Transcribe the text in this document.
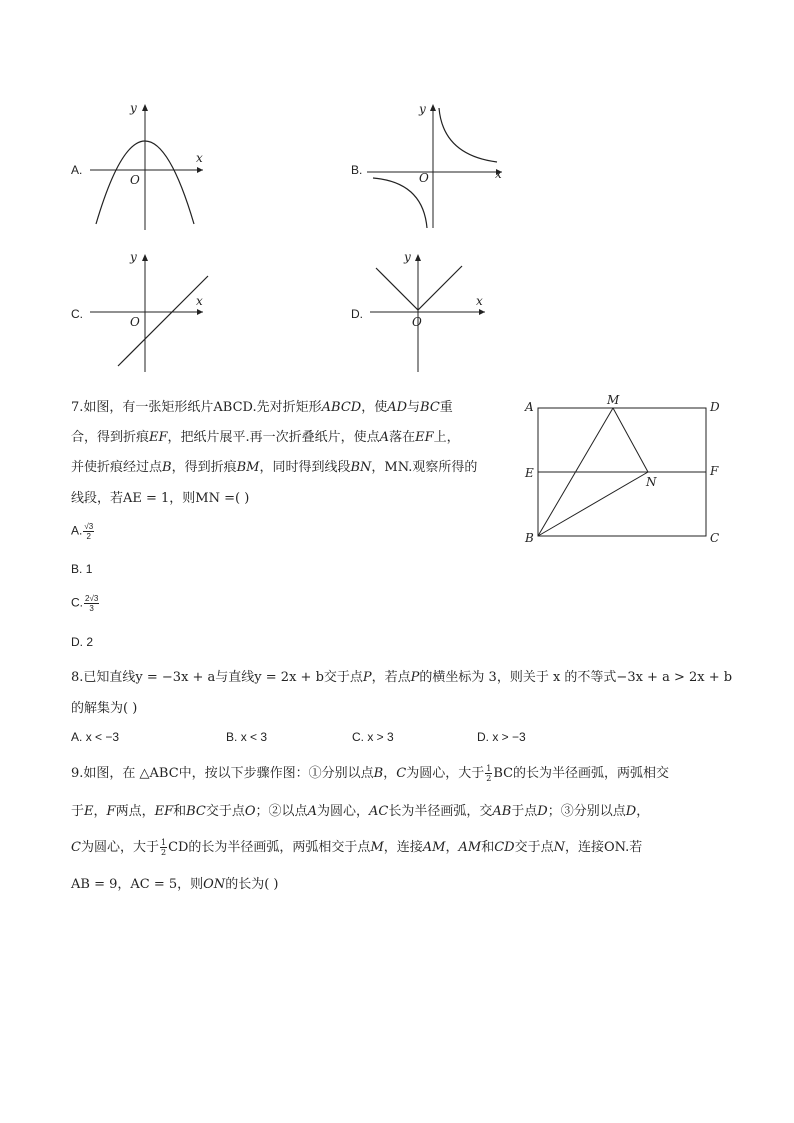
A.
x
y
O
B.	x
y
O
C.
x
y
O
D.
x
y
O
7.如图，有一张矩形纸片ABCD.先对折矩形ABCD，使AD与BC重
合，得到折痕EF，把纸片展平.再一次折叠纸片，使点A落在EF上，
并使折痕经过点B，得到折痕BM，同时得到线段BN，MN.观察所得的
线段，若AE = 1，则MN =( )
A. $\frac{√3}{2}$
B. 1
C. $\frac{2√3}{3}$
D. 2
A	M	D
E	F
N
B	C
8.已知直线y = −3x + a与直线y = 2x + b交于点P，若点P的横坐标为 3，则关于 x 的不等式−3x + a > 2x + b
的解集为( )
A. x < −3	B. x < 3	C. x > 3	D. x > −3
9.如图，在 △ABC中，按以下步骤作图：①分别以点B，C为圆心，大于 $\frac{1}{2}$ BC的长为半径画弧，两弧相交
于E，F两点，EF和BC交于点O；②以点A为圆心，AC长为半径画弧，交AB于点D；③分别以点D，
C为圆心，大于 $\frac{1}{2}$ CD的长为半径画弧，两弧相交于点M，连接AM，AM和CD交于点N，连接ON.若
AB = 9，AC = 5，则ON的长为( )
